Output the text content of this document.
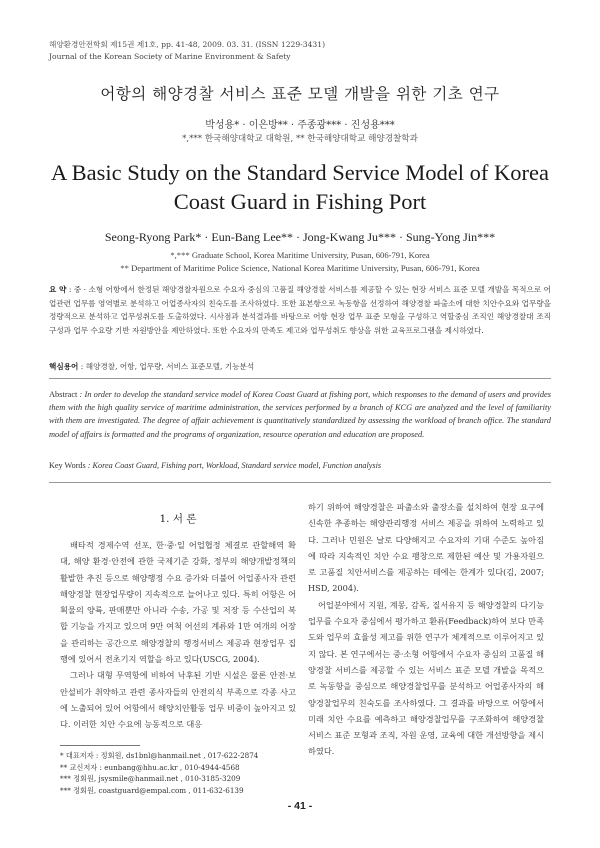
해양환경안전학회 제15권 제1호, pp. 41-48, 2009. 03. 31. (ISSN 1229-3431)
Journal of the Korean Society of Marine Environment & Safety
어항의 해양경찰 서비스 표준 모델 개발을 위한 기초 연구
박성용* · 이은방** · 주종광*** · 진성용***
*,*** 한국해양대학교 대학원, ** 한국해양대학교 해양경찰학과
A Basic Study on the Standard Service Model of Korea Coast Guard in Fishing Port
Seong-Ryong Park* · Eun-Bang Lee** · Jong-Kwang Ju*** · Sung-Yong Jin***
*,*** Graduate School, Korea Maritime University, Pusan, 606-791, Korea
** Department of Maritime Police Science, National Korea Maritime University, Pusan, 606-791, Korea
요 약 : 중 · 소형 어항에서 한정된 해양경찰자원으로 수요자 중심의 고품질 해양경찰 서비스를 제공할 수 있는 현장 서비스 표준 모델 개발을 목적으로 어업관련 업무를 영역별로 분석하고 어업종사자의 친숙도를 조사하였다. 또한 표본항으로 녹동항을 선정하여 해양경찰 파출소에 대한 치안수요와 업무량을 정량적으로 분석하고 업무성취도를 도출하였다. 시사점과 분석결과를 바탕으로 어항 현장 업무 표준 모형을 구성하고 역할중심 조직인 해양경찰대 조직구성과 업무 수요량 기반 자원방안을 제안하였다. 또한 수요자의 만족도 제고와 업무성취도 향상을 위한 교육프로그램을 제시하였다.
핵심용어 : 해양경찰, 어항, 업무량, 서비스 표준모델, 기능분석
Abstract : In order to develop the standard service model of Korea Coast Guard at fishing port, which responses to the demand of users and provides them with the high quality service of maritime administration, the services performed by a branch of KCG are analyzed and the level of familiarity with them are investigated. The degree of affair achievement is quantitatively standardized by assessing the workload of branch office. The standard model of affairs is formatted and the programs of organization, resource operation and education are proposed.
Key Words : Korea Coast Guard, Fishing port, Workload, Standard service model, Function analysis
1. 서 론

배타적 경제수역 선포, 한·중·일 어업협정 체결로 관할해역 확대, 해양 환경·안전에 관한 국제기준 강화, 정부의 해양개발정책의 활발한 추진 등으로 해양행정 수요 증가와 더불어 어업종사자 관련 해양경찰 현장업무량이 지속적으로 늘어나고 있다. 특히 어항은 어획물의 양륙, 판매뿐만 아니라 수송, 가공 및 저장 등 수산업의 복합 기능을 가지고 있으며 9만 여척 어선의 계류와 1만 여개의 어장을 관리하는 공간으로 해양경찰의 행정서비스 제공과 현장업무 집행에 있어서 전초기지 역할을 하고 있다(USCG, 2004).

그러나 대형 무역항에 비하여 낙후된 기반 시설은 물론 안전·보안설비가 취약하고 관련 종사자들의 안전의식 부족으로 각종 사고에 노출되어 있어 어항에서 해양치안활동 업무 비중이 높아지고 있다. 이러한 치안 수요에 능동적으로 대응

하기 위하여 해양경찰은 파출소와 출장소를 설치하여 현장 요구에 신속한 추종하는 해양관리행정 서비스 제공을 위하여 노력하고 있다. 그러나 민원은 날로 다양해지고 수요자의 기대 수준도 높아짐에 따라 지속적인 치안 수요 팽창으로 제한된 예산 및 가용자원으로 고품질 치안서비스를 제공하는 데에는 한계가 있다(김, 2007; HSD, 2004).

어업분야에서 지원, 계몽, 감독, 질서유지 등 해양경찰의 다기능 업무를 수요자 중심에서 평가하고 환류(Feedback)하여 보다 만족도와 업무의 효율성 제고를 위한 연구가 체계적으로 이루어지고 있지 않다. 본 연구에서는 중·소형 어항에서 수요자 중심의 고품질 해양경찰 서비스를 제공할 수 있는 서비스 표준 모델 개발을 목적으로 녹동항을 중심으로 해양경찰업무를 분석하고 어업종사자의 해양경찰업무의 친숙도를 조사하였다. 그 결과를 바탕으로 어항에서 미래 치안 수요를 예측하고 해양경찰업무를 구조화하여 해양경찰 서비스 표준 모형과 조직, 자원 운영, 교육에 대한 개선방향을 제시하였다.

* 대표저자 : 정회원, ds1bnl@hanmail.net , 017-622-2874
** 교신저자 : eunbang@hhu.ac.kr , 010-4944-4568
*** 정회원, jsysmile@hanmail.net , 010-3185-3209
*** 정회원, coastguard@empal.com , 011-632-6139
- 41 -
